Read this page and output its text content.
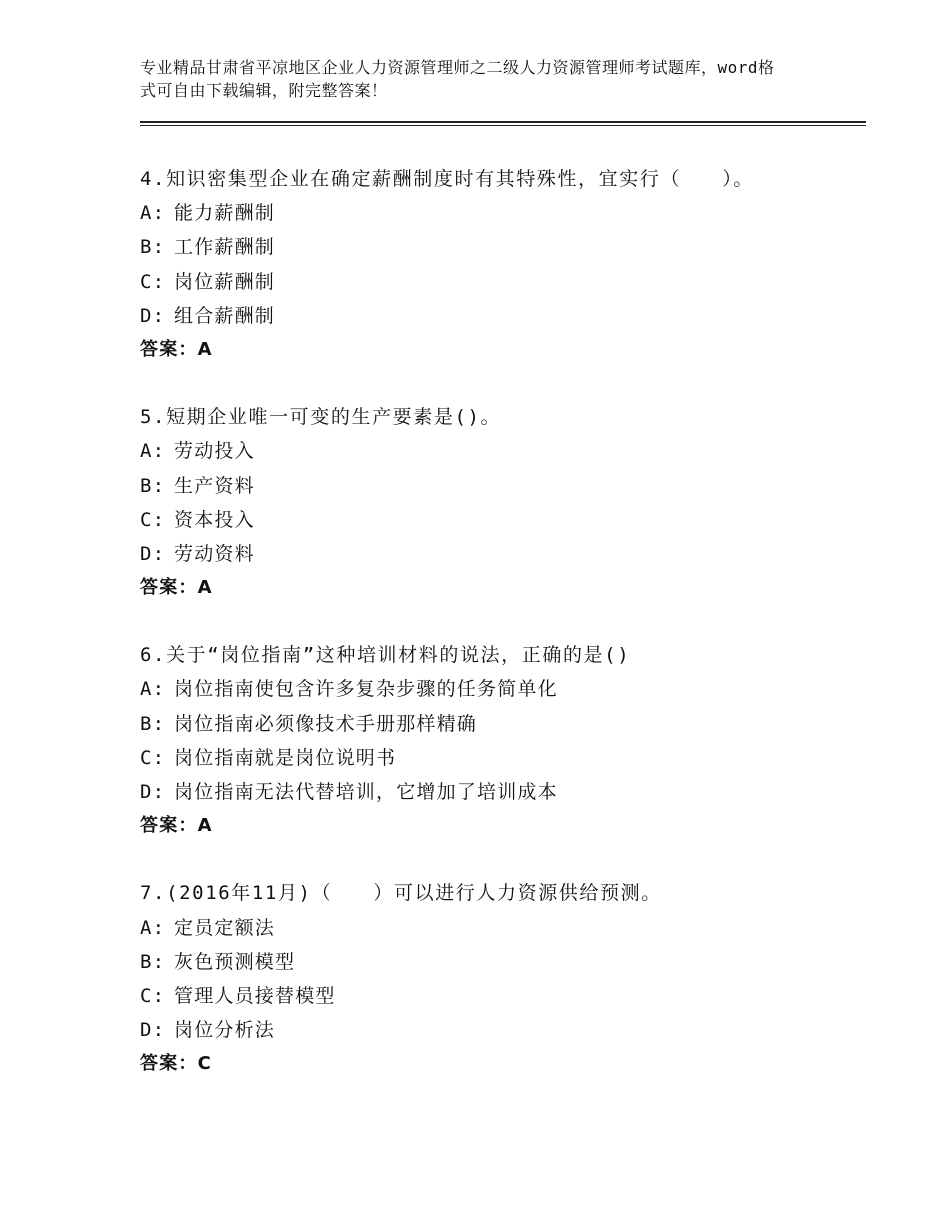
专业精品甘肃省平凉地区企业人力资源管理师之二级人力资源管理师考试题库，word格式可自由下载编辑，附完整答案！
4.知识密集型企业在确定薪酬制度时有其特殊性，宜实行（　　）。
A: 能力薪酬制
B: 工作薪酬制
C: 岗位薪酬制
D: 组合薪酬制
答案：A
5.短期企业唯一可变的生产要素是()。
A: 劳动投入
B: 生产资料
C: 资本投入
D: 劳动资料
答案：A
6.关于“岗位指南”这种培训材料的说法，正确的是()
A: 岗位指南使包含许多复杂步骤的任务简单化
B: 岗位指南必须像技术手册那样精确
C: 岗位指南就是岗位说明书
D: 岗位指南无法代替培训，它增加了培训成本
答案：A
7.(2016年11月)（　　）可以进行人力资源供给预测。
A: 定员定额法
B: 灰色预测模型
C: 管理人员接替模型
D: 岗位分析法
答案：C
